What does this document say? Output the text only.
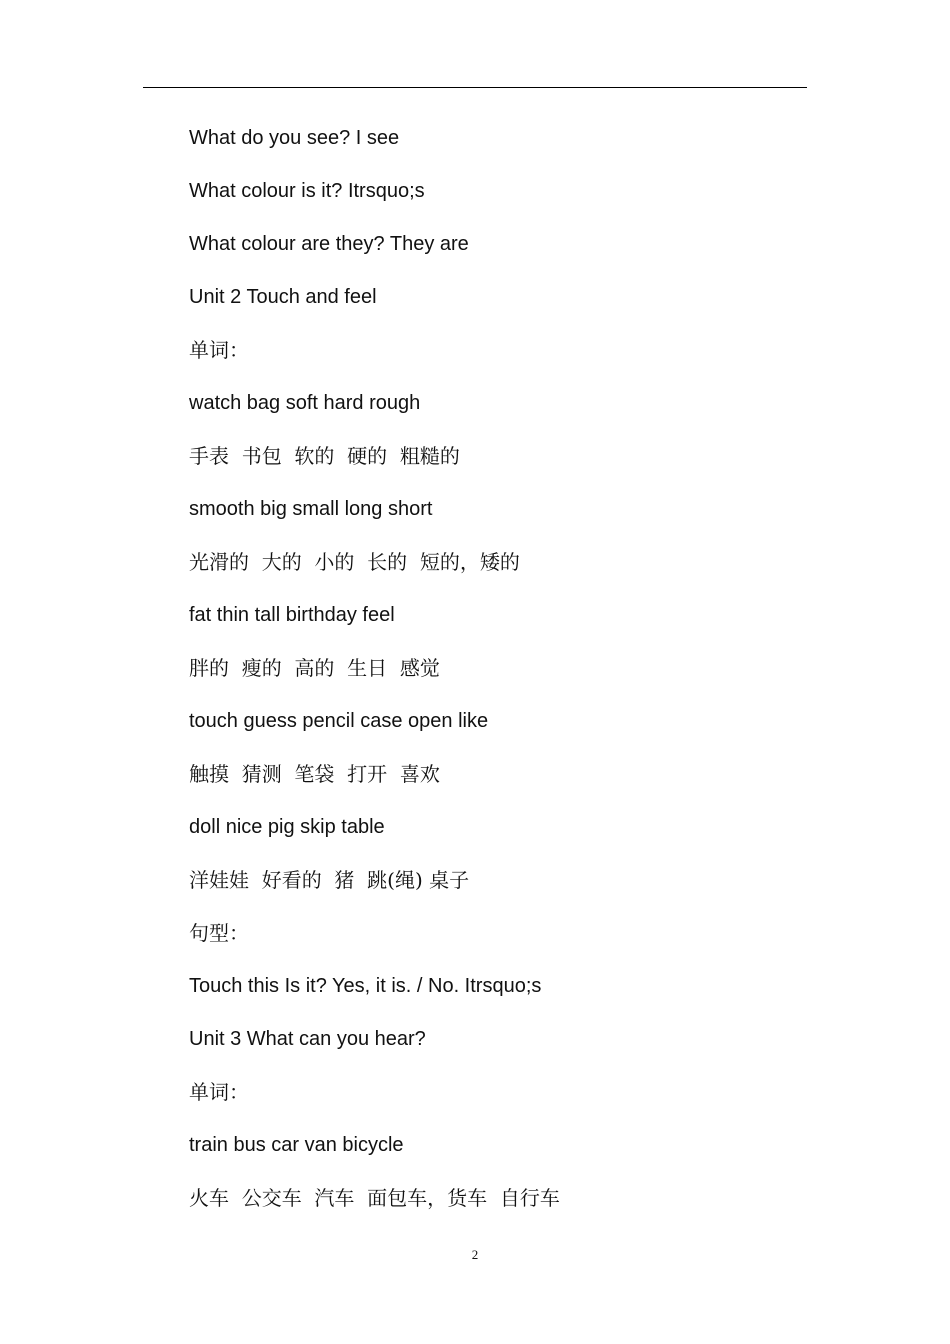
What do you see? I see
What colour is it? Itrsquo;s
What colour are they? They are
Unit 2 Touch and feel
单词：
watch bag soft hard rough
手表  书包  软的  硬的  粗糙的
smooth big small long short
光滑的  大的  小的  长的  短的，矮的
fat thin tall birthday feel
胖的  瘦的  高的  生日  感觉
touch guess pencil case open like
触摸  猜测  笔袋  打开  喜欢
doll nice pig skip table
洋娃娃  好看的  猪  跳(绳) 桌子
句型：
Touch this Is it? Yes, it is. / No. Itrsquo;s
Unit 3 What can you hear?
单词：
train bus car van bicycle
火车  公交车  汽车  面包车，货车  自行车
2
